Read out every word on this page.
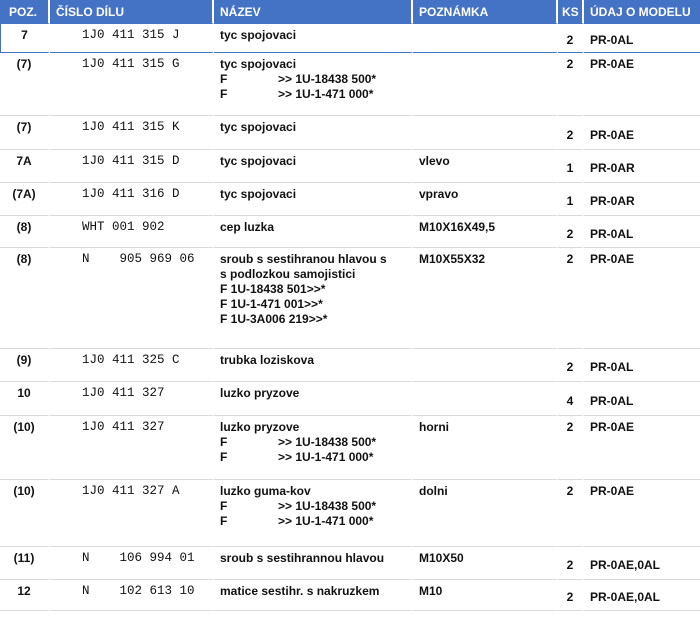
POZ.	ČÍSLO DÍLU	NÁZEV	POZNÁMKA	KS	ÚDAJ O MODELU
7	1J0 411 315 J	tyc spojovaci		2	PR-0AL
(7)	1J0 411 315 G	tyc spojovaci
F >> 1U-18438 500*
F >> 1U-1-471 000*		2	PR-0AE
(7)	1J0 411 315 K	tyc spojovaci		2	PR-0AE
7A	1J0 411 315 D	tyc spojovaci	vlevo	1	PR-0AR
(7A)	1J0 411 316 D	tyc spojovaci	vpravo	1	PR-0AR
(8)	WHT 001 902	cep luzka	M10X16X49,5	2	PR-0AL
(8)	N    905 969 06	sroub s sestihranou hlavou s
s podlozkou samojistici
F 1U-18438 501>>*
F 1U-1-471 001>>*
F 1U-3A006 219>>*	M10X55X32	2	PR-0AE
(9)	1J0 411 325 C	trubka loziskova		2	PR-0AL
10	1J0 411 327	luzko pryzove		4	PR-0AL
(10)	1J0 411 327	luzko pryzove
F >> 1U-18438 500*
F >> 1U-1-471 000*	horni	2	PR-0AE
(10)	1J0 411 327 A	luzko guma-kov
F >> 1U-18438 500*
F >> 1U-1-471 000*	dolni	2	PR-0AE
(11)	N    106 994 01	sroub s sestihrannou hlavou	M10X50	2	PR-0AE,0AL
12	N    102 613 10	matice sestihr. s nakruzkem	M10	2	PR-0AE,0AL
